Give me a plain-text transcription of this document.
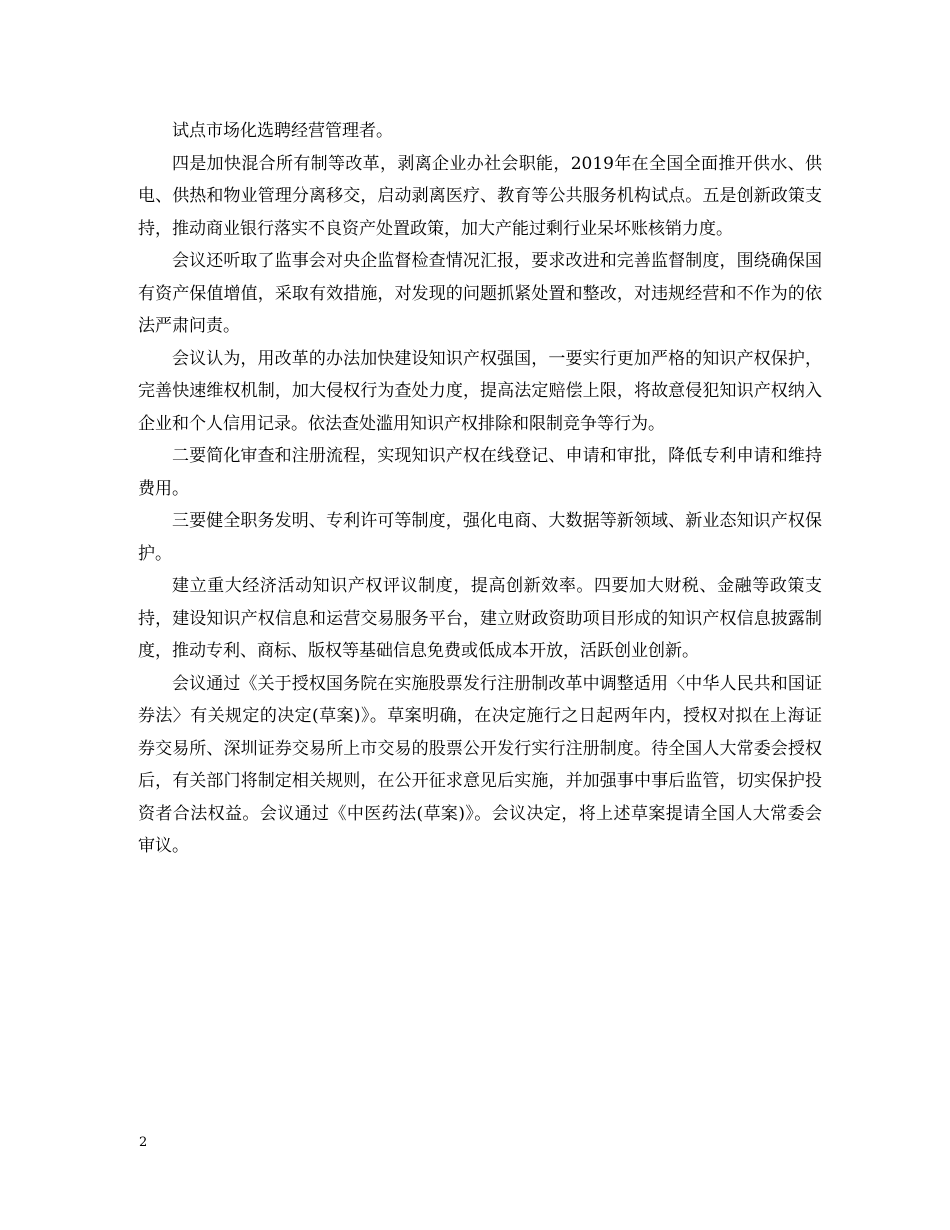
试点市场化选聘经营管理者。

四是加快混合所有制等改革，剥离企业办社会职能，2019年在全国全面推开供水、供电、供热和物业管理分离移交，启动剥离医疗、教育等公共服务机构试点。五是创新政策支持，推动商业银行落实不良资产处置政策，加大产能过剩行业呆坏账核销力度。

会议还听取了监事会对央企监督检查情况汇报，要求改进和完善监督制度，围绕确保国有资产保值增值，采取有效措施，对发现的问题抓紧处置和整改，对违规经营和不作为的依法严肃问责。

会议认为，用改革的办法加快建设知识产权强国，一要实行更加严格的知识产权保护，完善快速维权机制，加大侵权行为查处力度，提高法定赔偿上限，将故意侵犯知识产权纳入企业和个人信用记录。依法查处滥用知识产权排除和限制竞争等行为。

二要简化审查和注册流程，实现知识产权在线登记、申请和审批，降低专利申请和维持费用。

三要健全职务发明、专利许可等制度，强化电商、大数据等新领域、新业态知识产权保护。

建立重大经济活动知识产权评议制度，提高创新效率。四要加大财税、金融等政策支持，建设知识产权信息和运营交易服务平台，建立财政资助项目形成的知识产权信息披露制度，推动专利、商标、版权等基础信息免费或低成本开放，活跃创业创新。

会议通过《关于授权国务院在实施股票发行注册制改革中调整适用〈中华人民共和国证券法〉有关规定的决定(草案)》。草案明确，在决定施行之日起两年内，授权对拟在上海证券交易所、深圳证券交易所上市交易的股票公开发行实行注册制度。待全国人大常委会授权后，有关部门将制定相关规则，在公开征求意见后实施，并加强事中事后监管，切实保护投资者合法权益。会议通过《中医药法(草案)》。会议决定，将上述草案提请全国人大常委会审议。

2
